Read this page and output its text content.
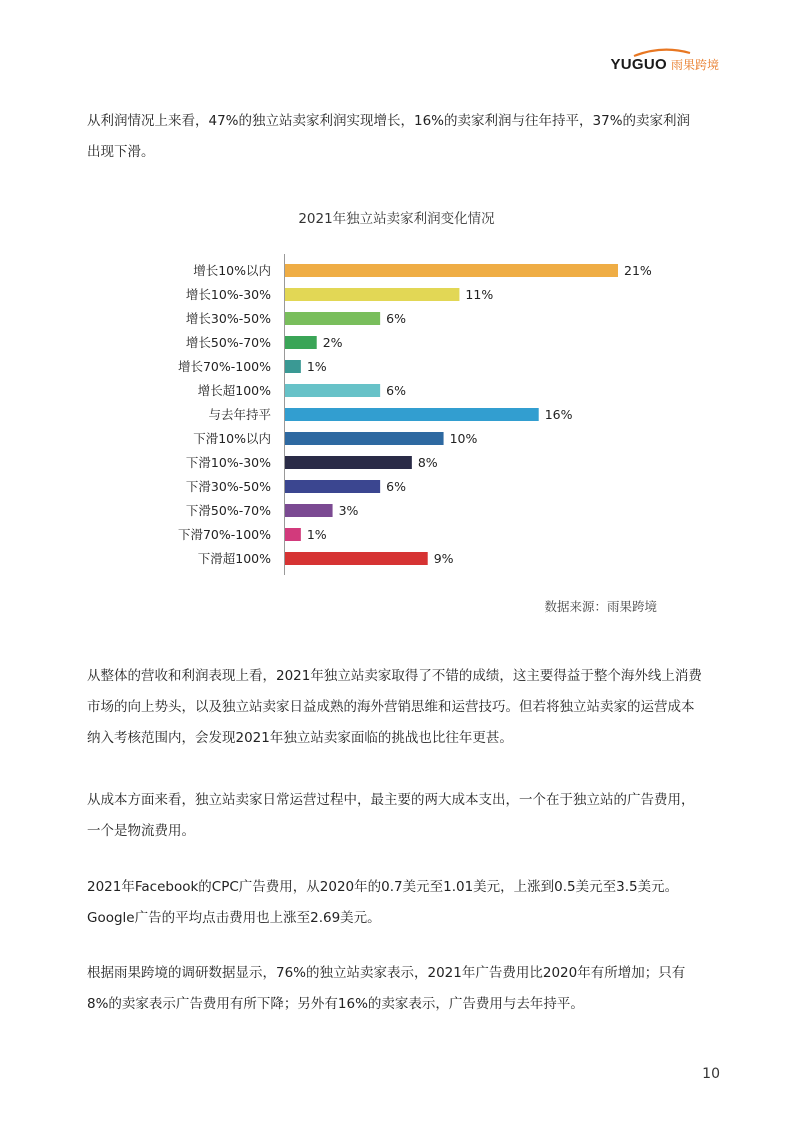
YUGUO 雨果跨境

从利润情况上来看，47%的独立站卖家利润实现增长，16%的卖家利润与往年持平，37%的卖家利润出现下滑。

2021年独立站卖家利润变化情况

增长10%以内	21%
增长10%-30%	11%
增长30%-50%	6%
增长50%-70%	2%
增长70%-100%	1%
增长超100%	6%
与去年持平	16%
下滑10%以内	10%
下滑10%-30%	8%
下滑30%-50%	6%
下滑50%-70%	3%
下滑70%-100%	1%
下滑超100%	9%

数据来源：雨果跨境

从整体的营收和利润表现上看，2021年独立站卖家取得了不错的成绩，这主要得益于整个海外线上消费市场的向上势头，以及独立站卖家日益成熟的海外营销思维和运营技巧。但若将独立站卖家的运营成本纳入考核范围内，会发现2021年独立站卖家面临的挑战也比往年更甚。

从成本方面来看，独立站卖家日常运营过程中，最主要的两大成本支出，一个在于独立站的广告费用，一个是物流费用。

2021年Facebook的CPC广告费用，从2020年的0.7美元至1.01美元，上涨到0.5美元至3.5美元。Google广告的平均点击费用也上涨至2.69美元。

根据雨果跨境的调研数据显示，76%的独立站卖家表示，2021年广告费用比2020年有所增加；只有8%的卖家表示广告费用有所下降；另外有16%的卖家表示，广告费用与去年持平。

10
